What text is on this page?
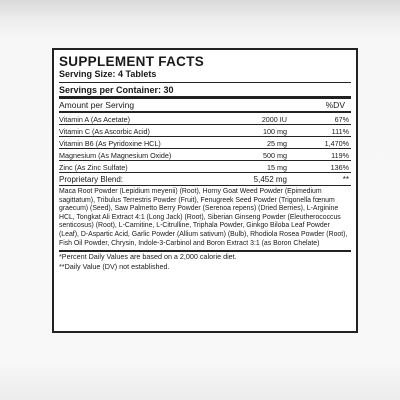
SUPPLEMENT FACTS
Serving Size: 4 Tablets
Servings per Container: 30
Amount per Serving	%DV
Vitamin A (As Acetate)	2000 IU	67%
Vitamin C (As Ascorbic Acid)	100 mg	111%
Vitamin B6 (As Pyridoxine HCL)	25 mg	1,470%
Magnesium (As Magnesium Oxide)	500 mg	119%
Zinc (As Zinc Sulfate)	15 mg	136%
Proprietary Blend:	5,452 mg	**
Maca Root Powder (Lepidium meyenii) (Root), Horny Goat Weed Powder (Epimedium sagittatum), Tribulus Terrestris Powder (Fruit), Fenugreek Seed Powder (Trigonella fœnum graecum) (Seed), Saw Palmetto Berry Powder (Serenoa repens) (Dried Berries), L-Arginine HCL, Tongkat Ali Extract 4:1 (Long Jack) (Root), Siberian Ginseng Powder (Eleutherococcus senticosus) (Root), L-Carnitine, L-Citrulline, Triphala Powder, Ginkgo Biloba Leaf Powder (Leaf), D-Aspartic Acid, Garlic Powder (Allium sativum) (Bulb), Rhodiola Rosea Powder (Root), Fish Oil Powder, Chrysin, Indole-3-Carbinol and Boron Extract 3:1 (as Boron Chelate)
*Percent Daily Values are based on a 2,000 calorie diet.
**Daily Value (DV) not established.
